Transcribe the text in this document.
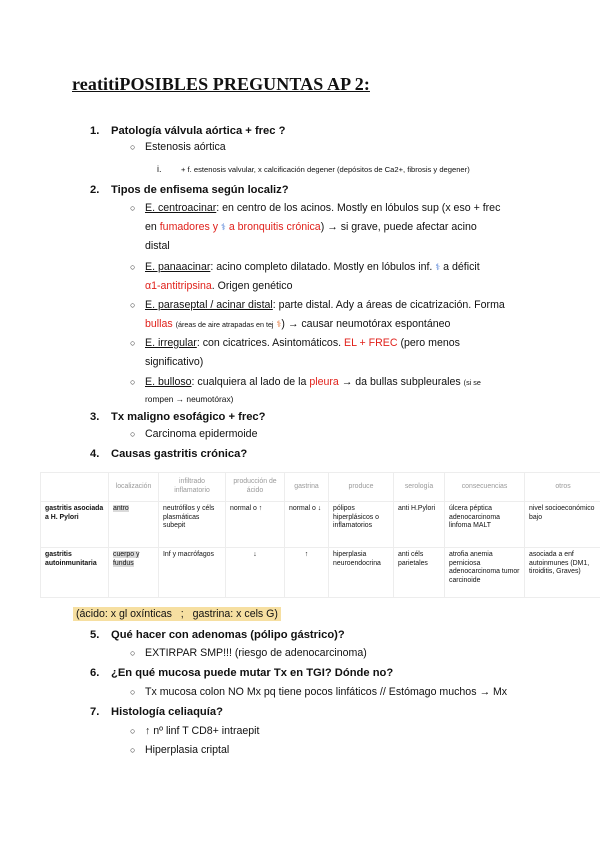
reatitiPOSIBLES PREGUNTAS AP 2:
1. Patología válvula aórtica + frec ?
○ Estenosis aórtica
i.	+ f. estenosis valvular, x calcificación degener (depósitos de Ca2+, fibrosis y degener)
2. Tipos de enfisema según localiz?
○ E. centroacinar: en centro de los acinos. Mostly en lóbulos sup (x eso + frec
en fumadores y ⚕ a bronquitis crónica) → si grave, puede afectar acino
distal
○ E. panaacinar: acino completo dilatado. Mostly en lóbulos inf. ⚕ a déficit
α1-antitripsina. Origen genético
○ E. paraseptal / acinar distal: parte distal. Ady a áreas de cicatrización. Forma
bullas (áreas de aire atrapadas en tej ⚕) → causar neumotórax espontáneo
○ E. irregular: con cicatrices. Asintomáticos. EL + FREC (pero menos
significativo)
○ E. bulloso: cualquiera al lado de la pleura → da bullas subpleurales (si se
rompen → neumotórax)
3. Tx maligno esofágico + frec?
○ Carcinoma epidermoide
4. Causas gastritis crónica?
	localización	infiltrado inflamatorio	producción de ácido	gastrina	produce	serología	consecuencias	otros
gastritis asociada a H. Pylori	antro	neutrófilos y céls plasmáticas subepit	normal o ↑	normal o ↓	pólipos hiperplásicos o inflamatorios	anti H.Pylori	úlcera péptica adenocarcinoma linfoma MALT	nivel socioeconómico bajo
gastritis autoinmunitaria	cuerpo y fundus	Inf y macrófagos	↓	↑	hiperplasia neuroendocrina	anti céls parietales	atrofia anemia perniciosa adenocarcinoma tumor carcinoide	asociada a enf autoinmunes (DM1, tiroiditis, Graves)
(ácido: x gl oxínticas   ;   gastrina: x cels G)
5. Qué hacer con adenomas (pólipo gástrico)?
○ EXTIRPAR SMP!!! (riesgo de adenocarcinoma)
6. ¿En qué mucosa puede mutar Tx en TGI? Dónde no?
○ Tx mucosa colon NO Mx pq tiene pocos linfáticos // Estómago muchos → Mx
7. Histología celiaquía?
○ ↑ nº linf T CD8+ intraepit
○ Hiperplasia criptal
